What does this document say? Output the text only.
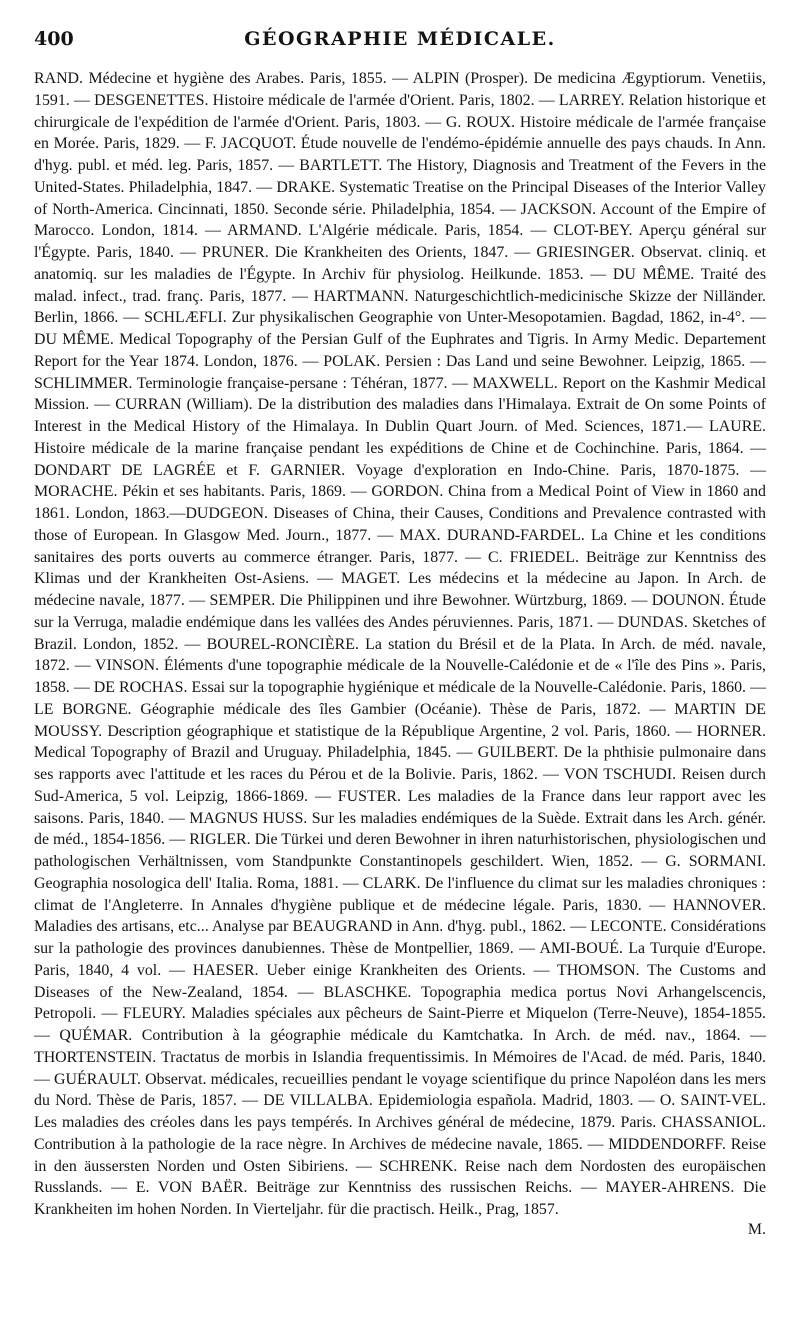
400	GÉOGRAPHIE MÉDICALE.

RAND. Médecine et hygiène des Arabes. Paris, 1855. — ALPIN (Prosper). De medicina Ægyptiorum. Venetiis, 1591. — DESGENETTES. Histoire médicale de l'armée d'Orient. Paris, 1802. — LARREY. Relation historique et chirurgicale de l'expédition de l'armée d'Orient. Paris, 1803. — G. ROUX. Histoire médicale de l'armée française en Morée. Paris, 1829. — F. JACQUOT. Étude nouvelle de l'endémo-épidémie annuelle des pays chauds. In Ann. d'hyg. publ. et méd. leg. Paris, 1857. — BARTLETT. The History, Diagnosis and Treatment of the Fevers in the United-States. Philadelphia, 1847. — DRAKE. Systematic Treatise on the Principal Diseases of the Interior Valley of North-America. Cincinnati, 1850. Seconde série. Philadelphia, 1854. — JACKSON. Account of the Empire of Marocco. London, 1814. — ARMAND. L'Algérie médicale. Paris, 1854. — CLOT-BEY. Aperçu général sur l'Égypte. Paris, 1840. — PRUNER. Die Krankheiten des Orients, 1847. — GRIESINGER. Observat. cliniq. et anatomiq. sur les maladies de l'Égypte. In Archiv für physiolog. Heilkunde. 1853. — DU MÊME. Traité des malad. infect., trad. franç. Paris, 1877. — HARTMANN. Naturgeschichtlich-medicinische Skizze der Nilländer. Berlin, 1866. — SCHLÆFLI. Zur physikalischen Geographie von Unter-Mesopotamien. Bagdad, 1862, in-4°. — DU MÊME. Medical Topography of the Persian Gulf of the Euphrates and Tigris. In Army Medic. Departement Report for the Year 1874. London, 1876. — POLAK. Persien : Das Land und seine Bewohner. Leipzig, 1865. — SCHLIMMER. Terminologie française-persane : Téhéran, 1877. — MAXWELL. Report on the Kashmir Medical Mission. — CURRAN (William). De la distribution des maladies dans l'Himalaya. Extrait de On some Points of Interest in the Medical History of the Himalaya. In Dublin Quart Journ. of Med. Sciences, 1871.— LAURE. Histoire médicale de la marine française pendant les expéditions de Chine et de Cochinchine. Paris, 1864. — DONDART DE LAGRÉE et F. GARNIER. Voyage d'exploration en Indo-Chine. Paris, 1870-1875. — MORACHE. Pékin et ses habitants. Paris, 1869. — GORDON. China from a Medical Point of View in 1860 and 1861. London, 1863.—DUDGEON. Diseases of China, their Causes, Conditions and Prevalence contrasted with those of European. In Glasgow Med. Journ., 1877. — MAX. DURAND-FARDEL. La Chine et les conditions sanitaires des ports ouverts au commerce étranger. Paris, 1877. — C. FRIEDEL. Beiträge zur Kenntniss des Klimas und der Krankheiten Ost-Asiens. — MAGET. Les médecins et la médecine au Japon. In Arch. de médecine navale, 1877. — SEMPER. Die Philippinen und ihre Bewohner. Würtzburg, 1869. — DOUNON. Étude sur la Verruga, maladie endémique dans les vallées des Andes péruviennes. Paris, 1871. — DUNDAS. Sketches of Brazil. London, 1852. — BOUREL-RONCIÈRE. La station du Brésil et de la Plata. In Arch. de méd. navale, 1872. — VINSON. Éléments d'une topographie médicale de la Nouvelle-Calédonie et de « l'île des Pins ». Paris, 1858. — DE ROCHAS. Essai sur la topographie hygiénique et médicale de la Nouvelle-Calédonie. Paris, 1860. — LE BORGNE. Géographie médicale des îles Gambier (Océanie). Thèse de Paris, 1872. — MARTIN DE MOUSSY. Description géographique et statistique de la République Argentine, 2 vol. Paris, 1860. — HORNER. Medical Topography of Brazil and Uruguay. Philadelphia, 1845. — GUILBERT. De la phthisie pulmonaire dans ses rapports avec l'attitude et les races du Pérou et de la Bolivie. Paris, 1862. — VON TSCHUDI. Reisen durch Sud-America, 5 vol. Leipzig, 1866-1869. — FUSTER. Les maladies de la France dans leur rapport avec les saisons. Paris, 1840. — MAGNUS HUSS. Sur les maladies endémiques de la Suède. Extrait dans les Arch. génér. de méd., 1854-1856. — RIGLER. Die Türkei und deren Bewohner in ihren naturhistorischen, physiologischen und pathologischen Verhältnissen, vom Standpunkte Constantinopels geschildert. Wien, 1852. — G. SORMANI. Geographia nosologica dell' Italia. Roma, 1881. — CLARK. De l'influence du climat sur les maladies chroniques : climat de l'Angleterre. In Annales d'hygiène publique et de médecine légale. Paris, 1830. — HANNOVER. Maladies des artisans, etc... Analyse par BEAUGRAND in Ann. d'hyg. publ., 1862. — LECONTE. Considérations sur la pathologie des provinces danubiennes. Thèse de Montpellier, 1869. — AMI-BOUÉ. La Turquie d'Europe. Paris, 1840, 4 vol. — HAESER. Ueber einige Krankheiten des Orients. — THOMSON. The Customs and Diseases of the New-Zealand, 1854. — BLASCHKE. Topographia medica portus Novi Arhangelscencis, Petropoli. — FLEURY. Maladies spéciales aux pêcheurs de Saint-Pierre et Miquelon (Terre-Neuve), 1854-1855. — QUÉMAR. Contribution à la géographie médicale du Kamtchatka. In Arch. de méd. nav., 1864. — THORTENSTEIN. Tractatus de morbis in Islandia frequentissimis. In Mémoires de l'Acad. de méd. Paris, 1840. — GUÉRAULT. Observat. médicales, recueillies pendant le voyage scientifique du prince Napoléon dans les mers du Nord. Thèse de Paris, 1857. — DE VILLALBA. Epidemiologia española. Madrid, 1803. — O. SAINT-VEL. Les maladies des créoles dans les pays tempérés. In Archives général de médecine, 1879. Paris. CHASSANIOL. Contribution à la pathologie de la race nègre. In Archives de médecine navale, 1865. — MIDDENDORFF. Reise in den äussersten Norden und Osten Sibiriens. — SCHRENK. Reise nach dem Nordosten des europäischen Russlands. — E. VON BAËR. Beiträge zur Kenntniss des russischen Reichs. — MAYER-AHRENS. Die Krankheiten im hohen Norden. In Vierteljahr. für die practisch. Heilk., Prag, 1857.

M.
